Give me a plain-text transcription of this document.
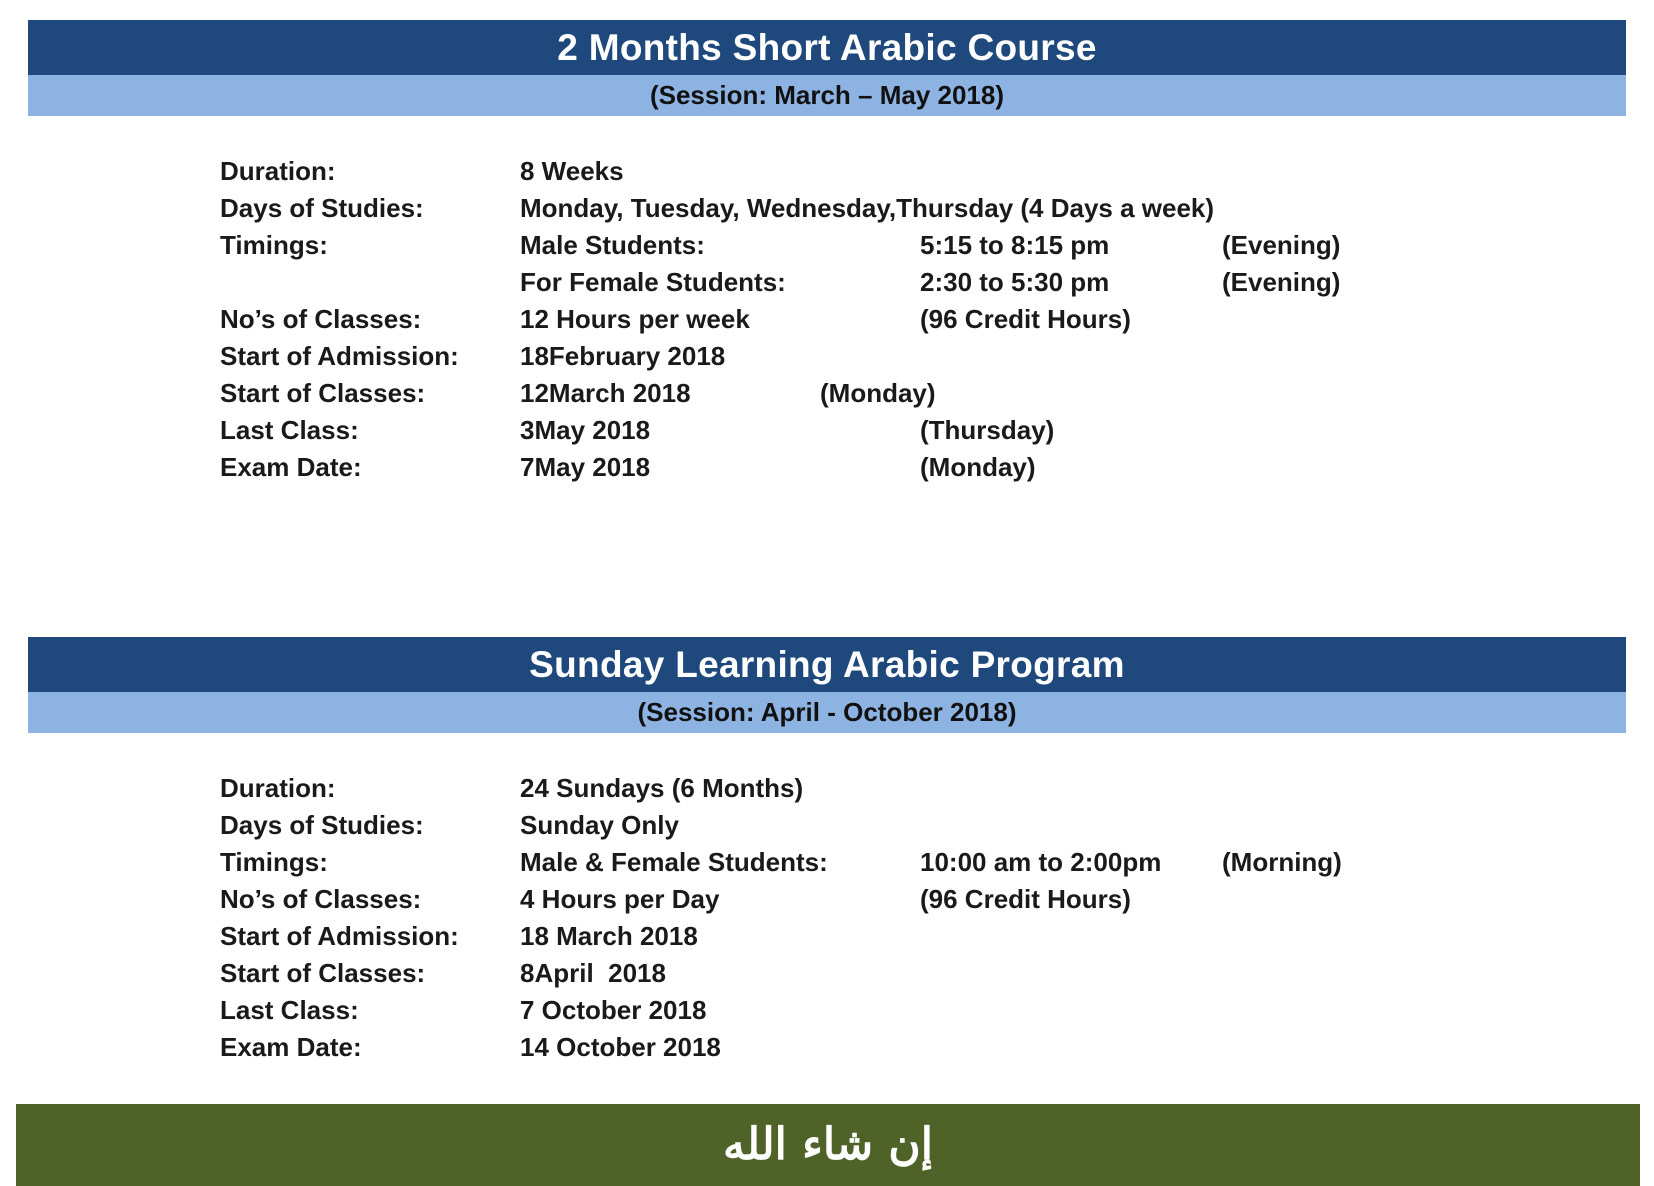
2 Months Short Arabic Course
(Session: March – May 2018)
Duration:	8 Weeks
Days of Studies:	Monday, Tuesday, Wednesday,Thursday (4 Days a week)
Timings:	Male Students:	5:15 to 8:15 pm	(Evening)
For Female Students:	2:30 to 5:30 pm	(Evening)
No’s of Classes:	12 Hours per week	(96 Credit Hours)
Start of Admission: 18February 2018
Start of Classes:	12March 2018	(Monday)
Last Class:	3May 2018	(Thursday)
Exam Date:	7May 2018	(Monday)
Sunday Learning Arabic Program
(Session: April - October 2018)
Duration:	24 Sundays (6 Months)
Days of Studies:	Sunday Only
Timings:	Male & Female Students:	10:00 am to 2:00pm (Morning)
No’s of Classes:	4 Hours per Day	(96 Credit Hours)
Start of Admission: 18 March 2018
Start of Classes:	8April  2018
Last Class:	7 October 2018
Exam Date:	14 October 2018
إن شاء الله
